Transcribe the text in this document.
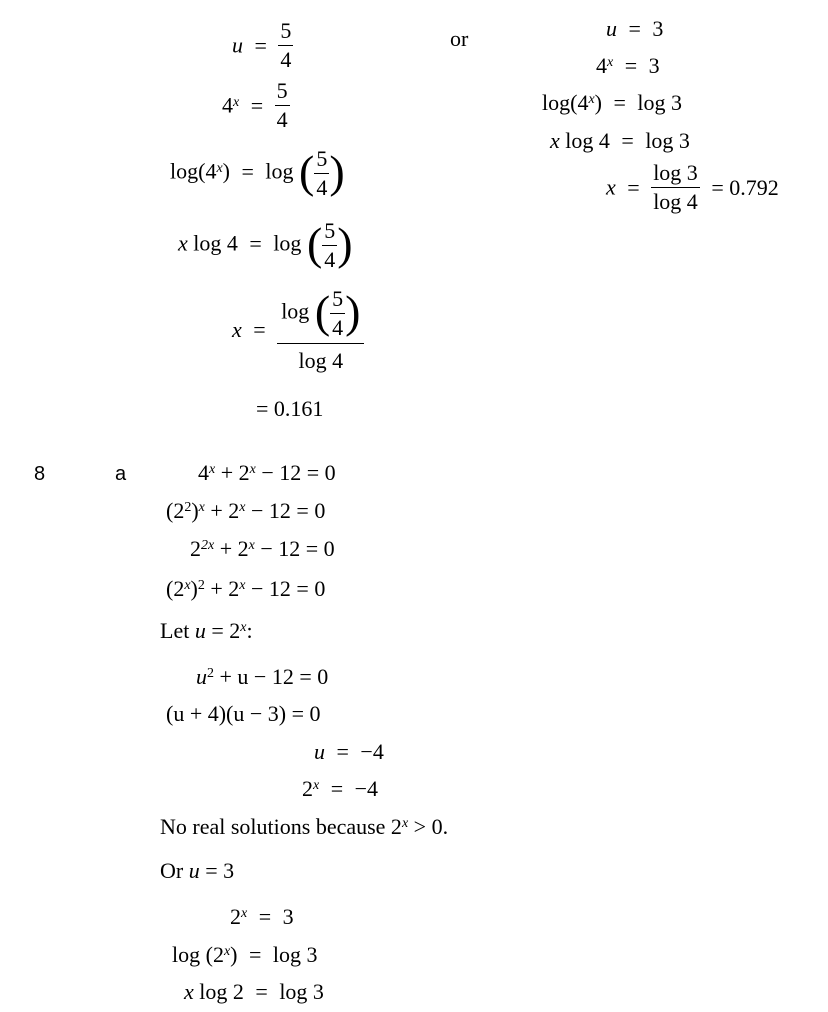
$u = \frac{5}{4}$
$4^x = \frac{5}{4}$
$\log(4^x) = \log$ ( $\frac{5}{4}$ )
x log 4 = log ( $\frac{5}{4}$ )
$x = \frac{\log ( \frac{5}{4} )}{\log 4}$
= 0.161
or	u = 3
$4^x = 3$
$\log(4^x) = \log 3$
x log 4 = log 3
$x = \frac{\log 3}{\log 4} = 0.792$
8	a	$4^x + 2^x - 12 = 0$
$(2^2)^x + 2^x - 12 = 0$
$2^{2x} + 2^x - 12 = 0$
$(2^x)^2 + 2^x - 12 = 0$
Let $u = 2^x$:
$u^2 + u - 12 = 0$
(u + 4)(u − 3) = 0
u = −4
$2^x = -4$
No real solutions because $2^x > 0$.
Or u = 3
$2^x = 3$
$\log (2^x) = \log 3$
x log 2 = log 3
